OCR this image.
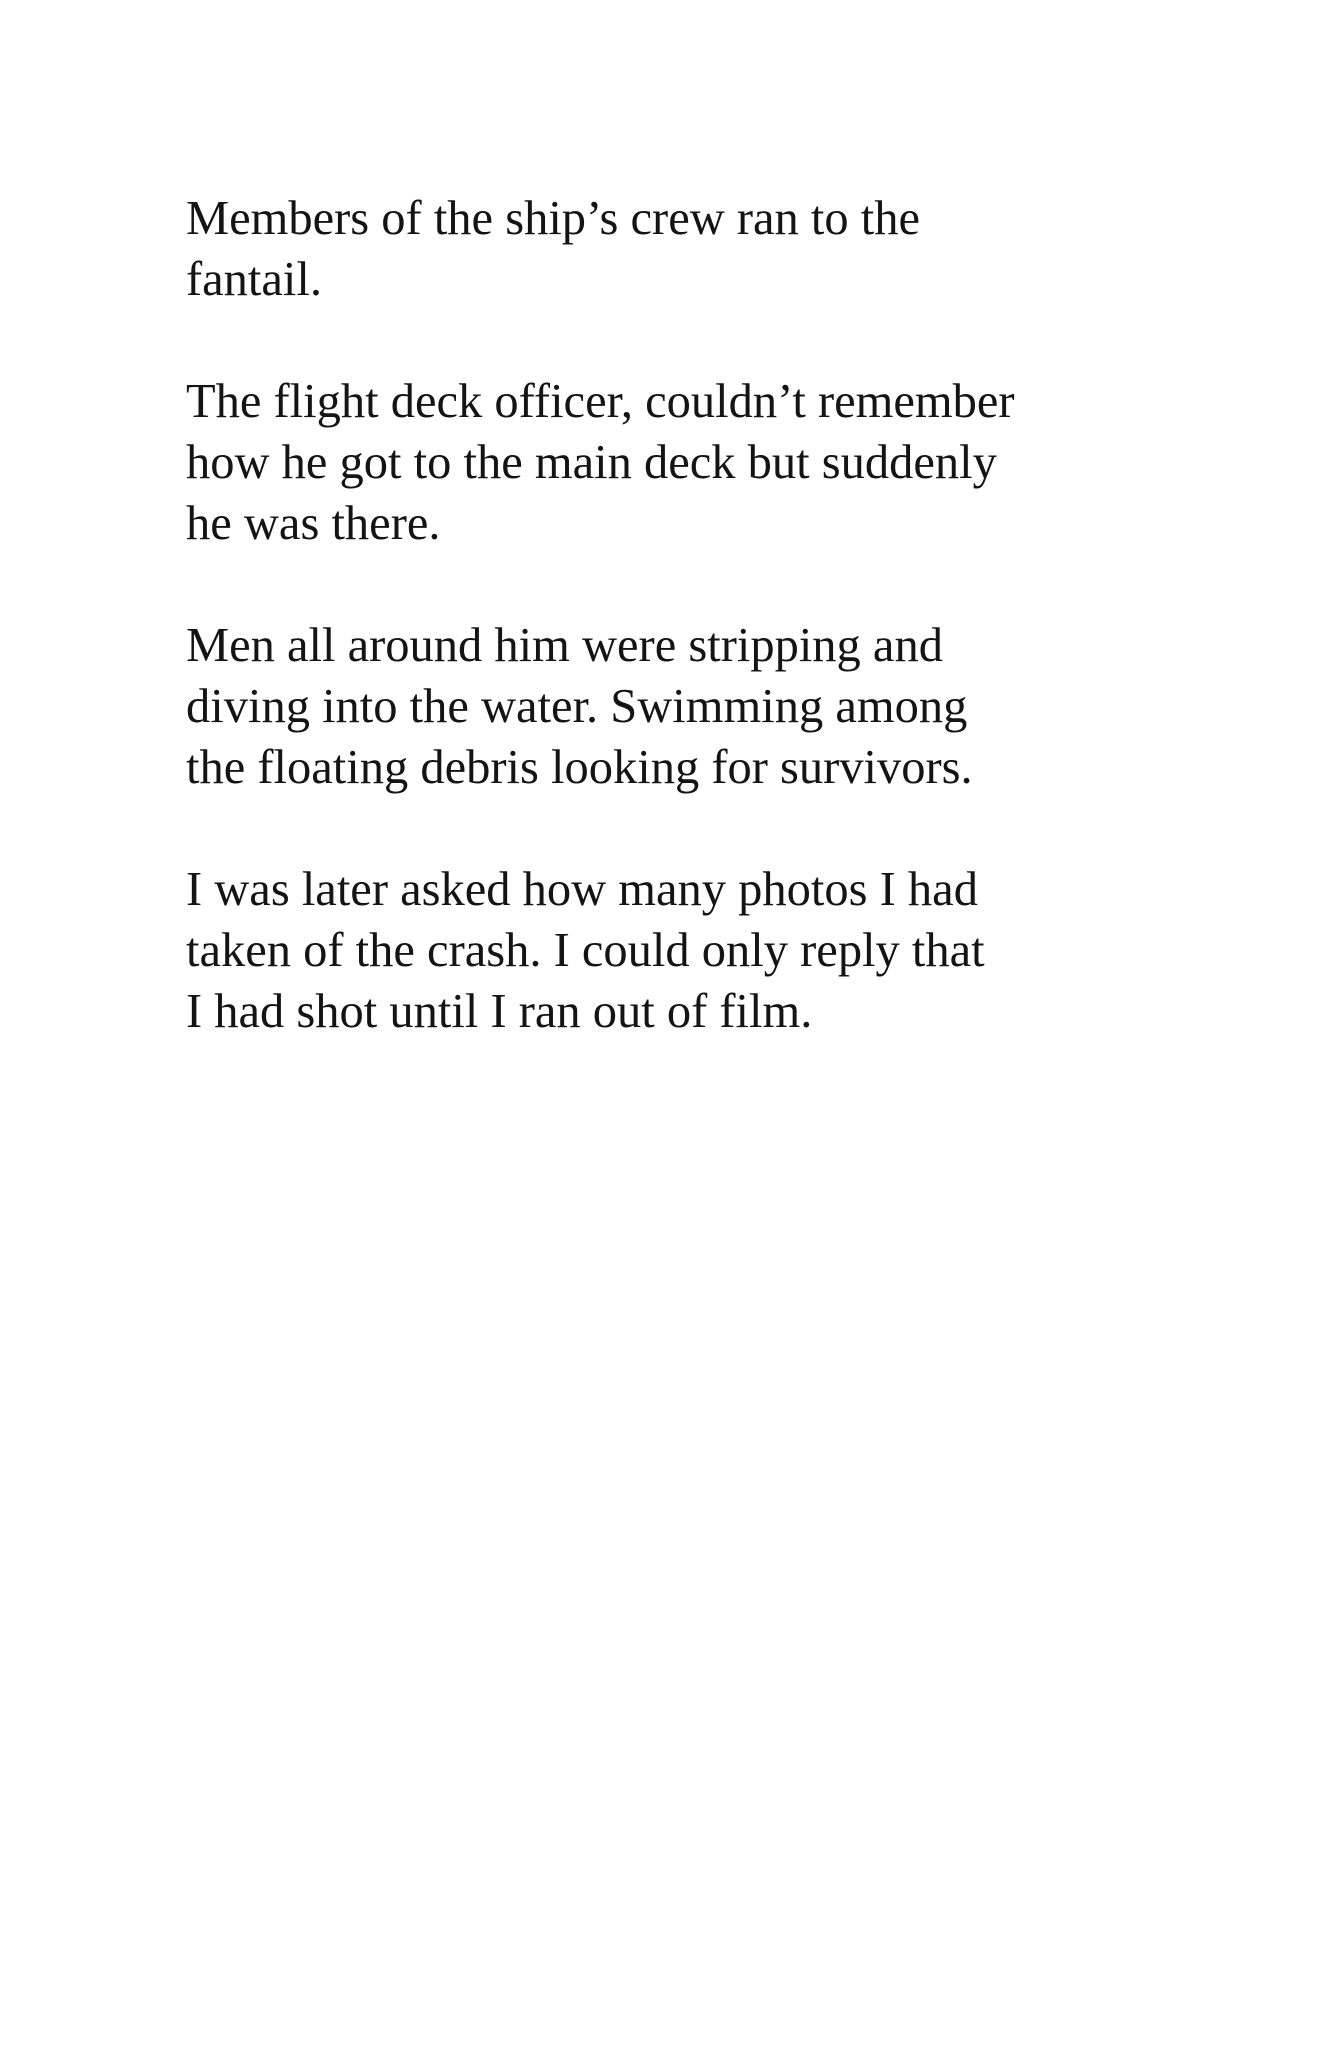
Members of the ship’s crew ran to the
fantail.

The flight deck officer, couldn’t remember
how he got to the main deck but suddenly
he was there.

Men all around him were stripping and
diving into the water. Swimming among
the floating debris looking for survivors.

I was later asked how many photos I had
taken of the crash. I could only reply that
I had shot until I ran out of film.
